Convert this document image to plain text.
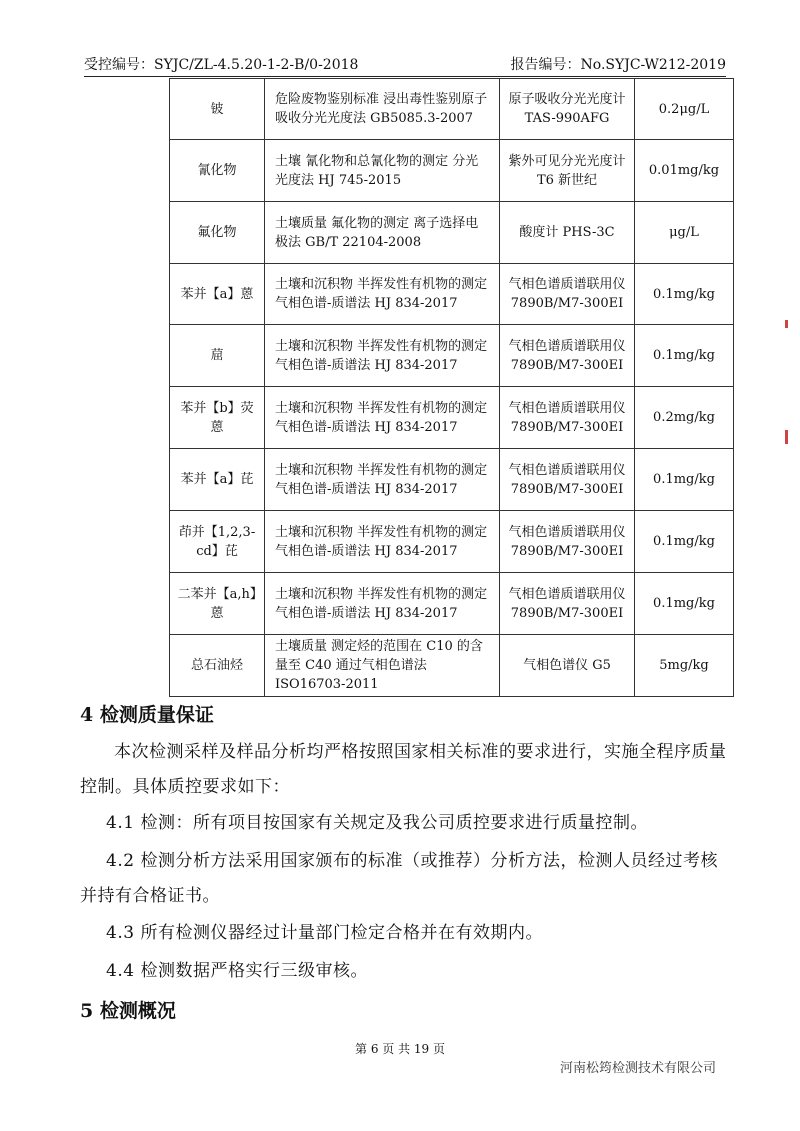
受控编号：SYJC/ZL-4.5.20-1-2-B/0-2018	报告编号：No.SYJC-W212-2019
铍	危险废物鉴别标准 浸出毒性鉴别原子吸收分光光度法 GB5085.3-2007	原子吸收分光光度计 TAS-990AFG	0.2μg/L
氰化物	土壤 氰化物和总氰化物的测定 分光光度法 HJ 745-2015	紫外可见分光光度计 T6 新世纪	0.01mg/kg
氟化物	土壤质量 氟化物的测定 离子选择电极法 GB/T 22104-2008	酸度计 PHS-3C	μg/L
苯并【a】蒽	土壤和沉积物 半挥发性有机物的测定 气相色谱-质谱法 HJ 834-2017	气相色谱质谱联用仪 7890B/M7-300EI	0.1mg/kg
䓛	土壤和沉积物 半挥发性有机物的测定 气相色谱-质谱法 HJ 834-2017	气相色谱质谱联用仪 7890B/M7-300EI	0.1mg/kg
苯并【b】荧蒽	土壤和沉积物 半挥发性有机物的测定 气相色谱-质谱法 HJ 834-2017	气相色谱质谱联用仪 7890B/M7-300EI	0.2mg/kg
苯并【a】芘	土壤和沉积物 半挥发性有机物的测定 气相色谱-质谱法 HJ 834-2017	气相色谱质谱联用仪 7890B/M7-300EI	0.1mg/kg
茚并【1,2,3-cd】芘	土壤和沉积物 半挥发性有机物的测定 气相色谱-质谱法 HJ 834-2017	气相色谱质谱联用仪 7890B/M7-300EI	0.1mg/kg
二苯并【a,h】蒽	土壤和沉积物 半挥发性有机物的测定 气相色谱-质谱法 HJ 834-2017	气相色谱质谱联用仪 7890B/M7-300EI	0.1mg/kg
总石油烃	土壤质量 测定烃的范围在 C10 的含量至 C40 通过气相色谱法 ISO16703-2011	气相色谱仪 G5	5mg/kg
4 检测质量保证
本次检测采样及样品分析均严格按照国家相关标准的要求进行，实施全程序质量控制。具体质控要求如下：
4.1 检测：所有项目按国家有关规定及我公司质控要求进行质量控制。
4.2 检测分析方法采用国家颁布的标准（或推荐）分析方法，检测人员经过考核并持有合格证书。
4.3 所有检测仪器经过计量部门检定合格并在有效期内。
4.4 检测数据严格实行三级审核。
5 检测概况
第 6 页 共 19 页
河南松筠检测技术有限公司
